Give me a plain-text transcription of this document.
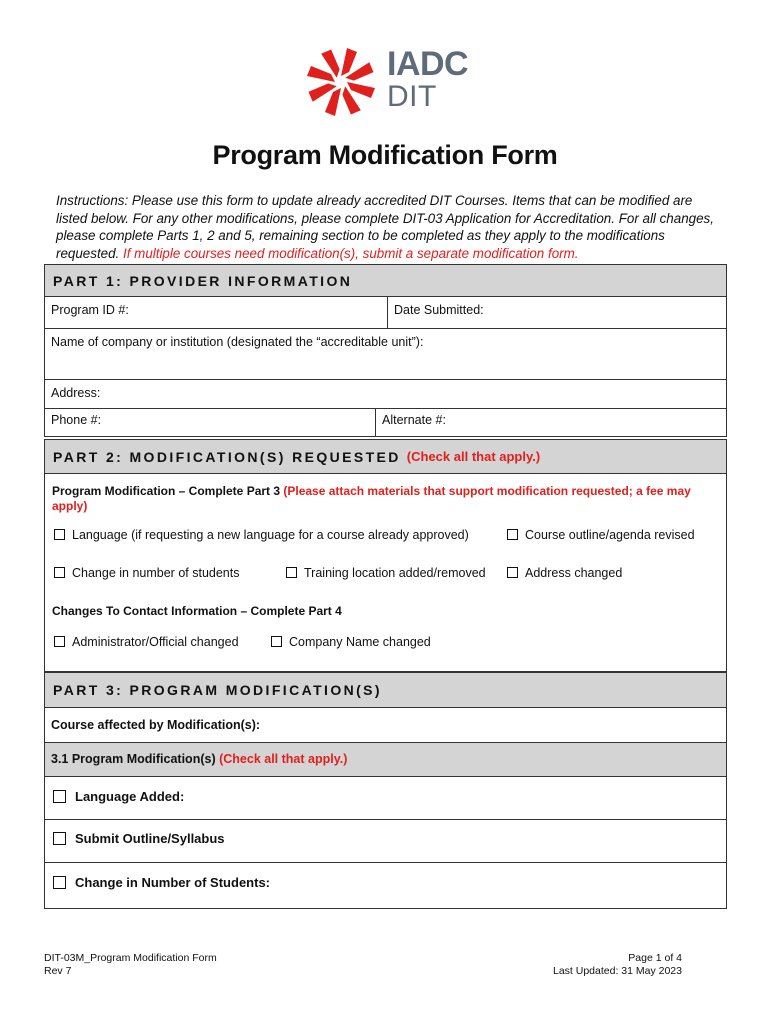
IADC
DIT
Program Modification Form
Instructions: Please use this form to update already accredited DIT Courses. Items that can be modified are listed below. For any other modifications, please complete DIT-03 Application for Accreditation. For all changes, please complete Parts 1, 2 and 5, remaining section to be completed as they apply to the modifications requested. If multiple courses need modification(s), submit a separate modification form.
PART 1: PROVIDER INFORMATION
Program ID #:	Date Submitted:
Name of company or institution (designated the “accreditable unit”):
Address:
Phone #:	Alternate #:
PART 2: MODIFICATION(S) REQUESTED (Check all that apply.)
Program Modification – Complete Part 3 (Please attach materials that support modification requested; a fee may apply)
Language (if requesting a new language for a course already approved)	Course outline/agenda revised
Change in number of students	Training location added/removed	Address changed
Changes To Contact Information – Complete Part 4
Administrator/Official changed	Company Name changed
PART 3: PROGRAM MODIFICATION(S)
Course affected by Modification(s):
3.1 Program Modification(s) (Check all that apply.)
Language Added:
Submit Outline/Syllabus
Change in Number of Students:
DIT-03M_Program Modification Form
Rev 7
Page 1 of 4
Last Updated: 31 May 2023
